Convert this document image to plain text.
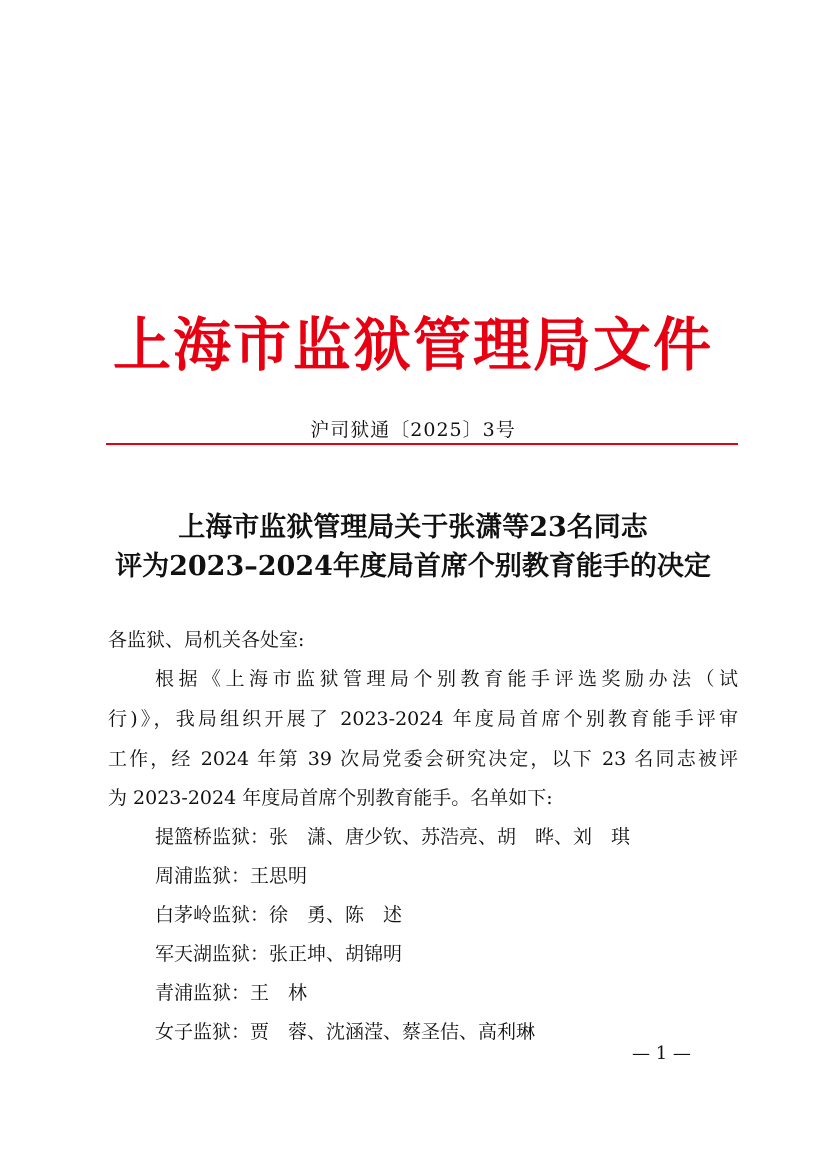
上海市监狱管理局文件
沪司狱通〔2025〕3号
上海市监狱管理局关于张潇等23名同志
评为2023–2024年度局首席个别教育能手的决定
各监狱、局机关各处室:
根据《上海市监狱管理局个别教育能手评选奖励办法（试
行)》，我局组织开展了 2023-2024 年度局首席个别教育能手评审
工作，经 2024 年第 39 次局党委会研究决定，以下 23 名同志被评
为 2023-2024 年度局首席个别教育能手。名单如下:
提篮桥监狱：张　潇、唐少钦、苏浩亮、胡　晔、刘　琪
周浦监狱：王思明
白茅岭监狱：徐　勇、陈　述
军天湖监狱：张正坤、胡锦明
青浦监狱：王　林
女子监狱：贾　蓉、沈涵滢、蔡圣佶、高利琳
— 1 —
